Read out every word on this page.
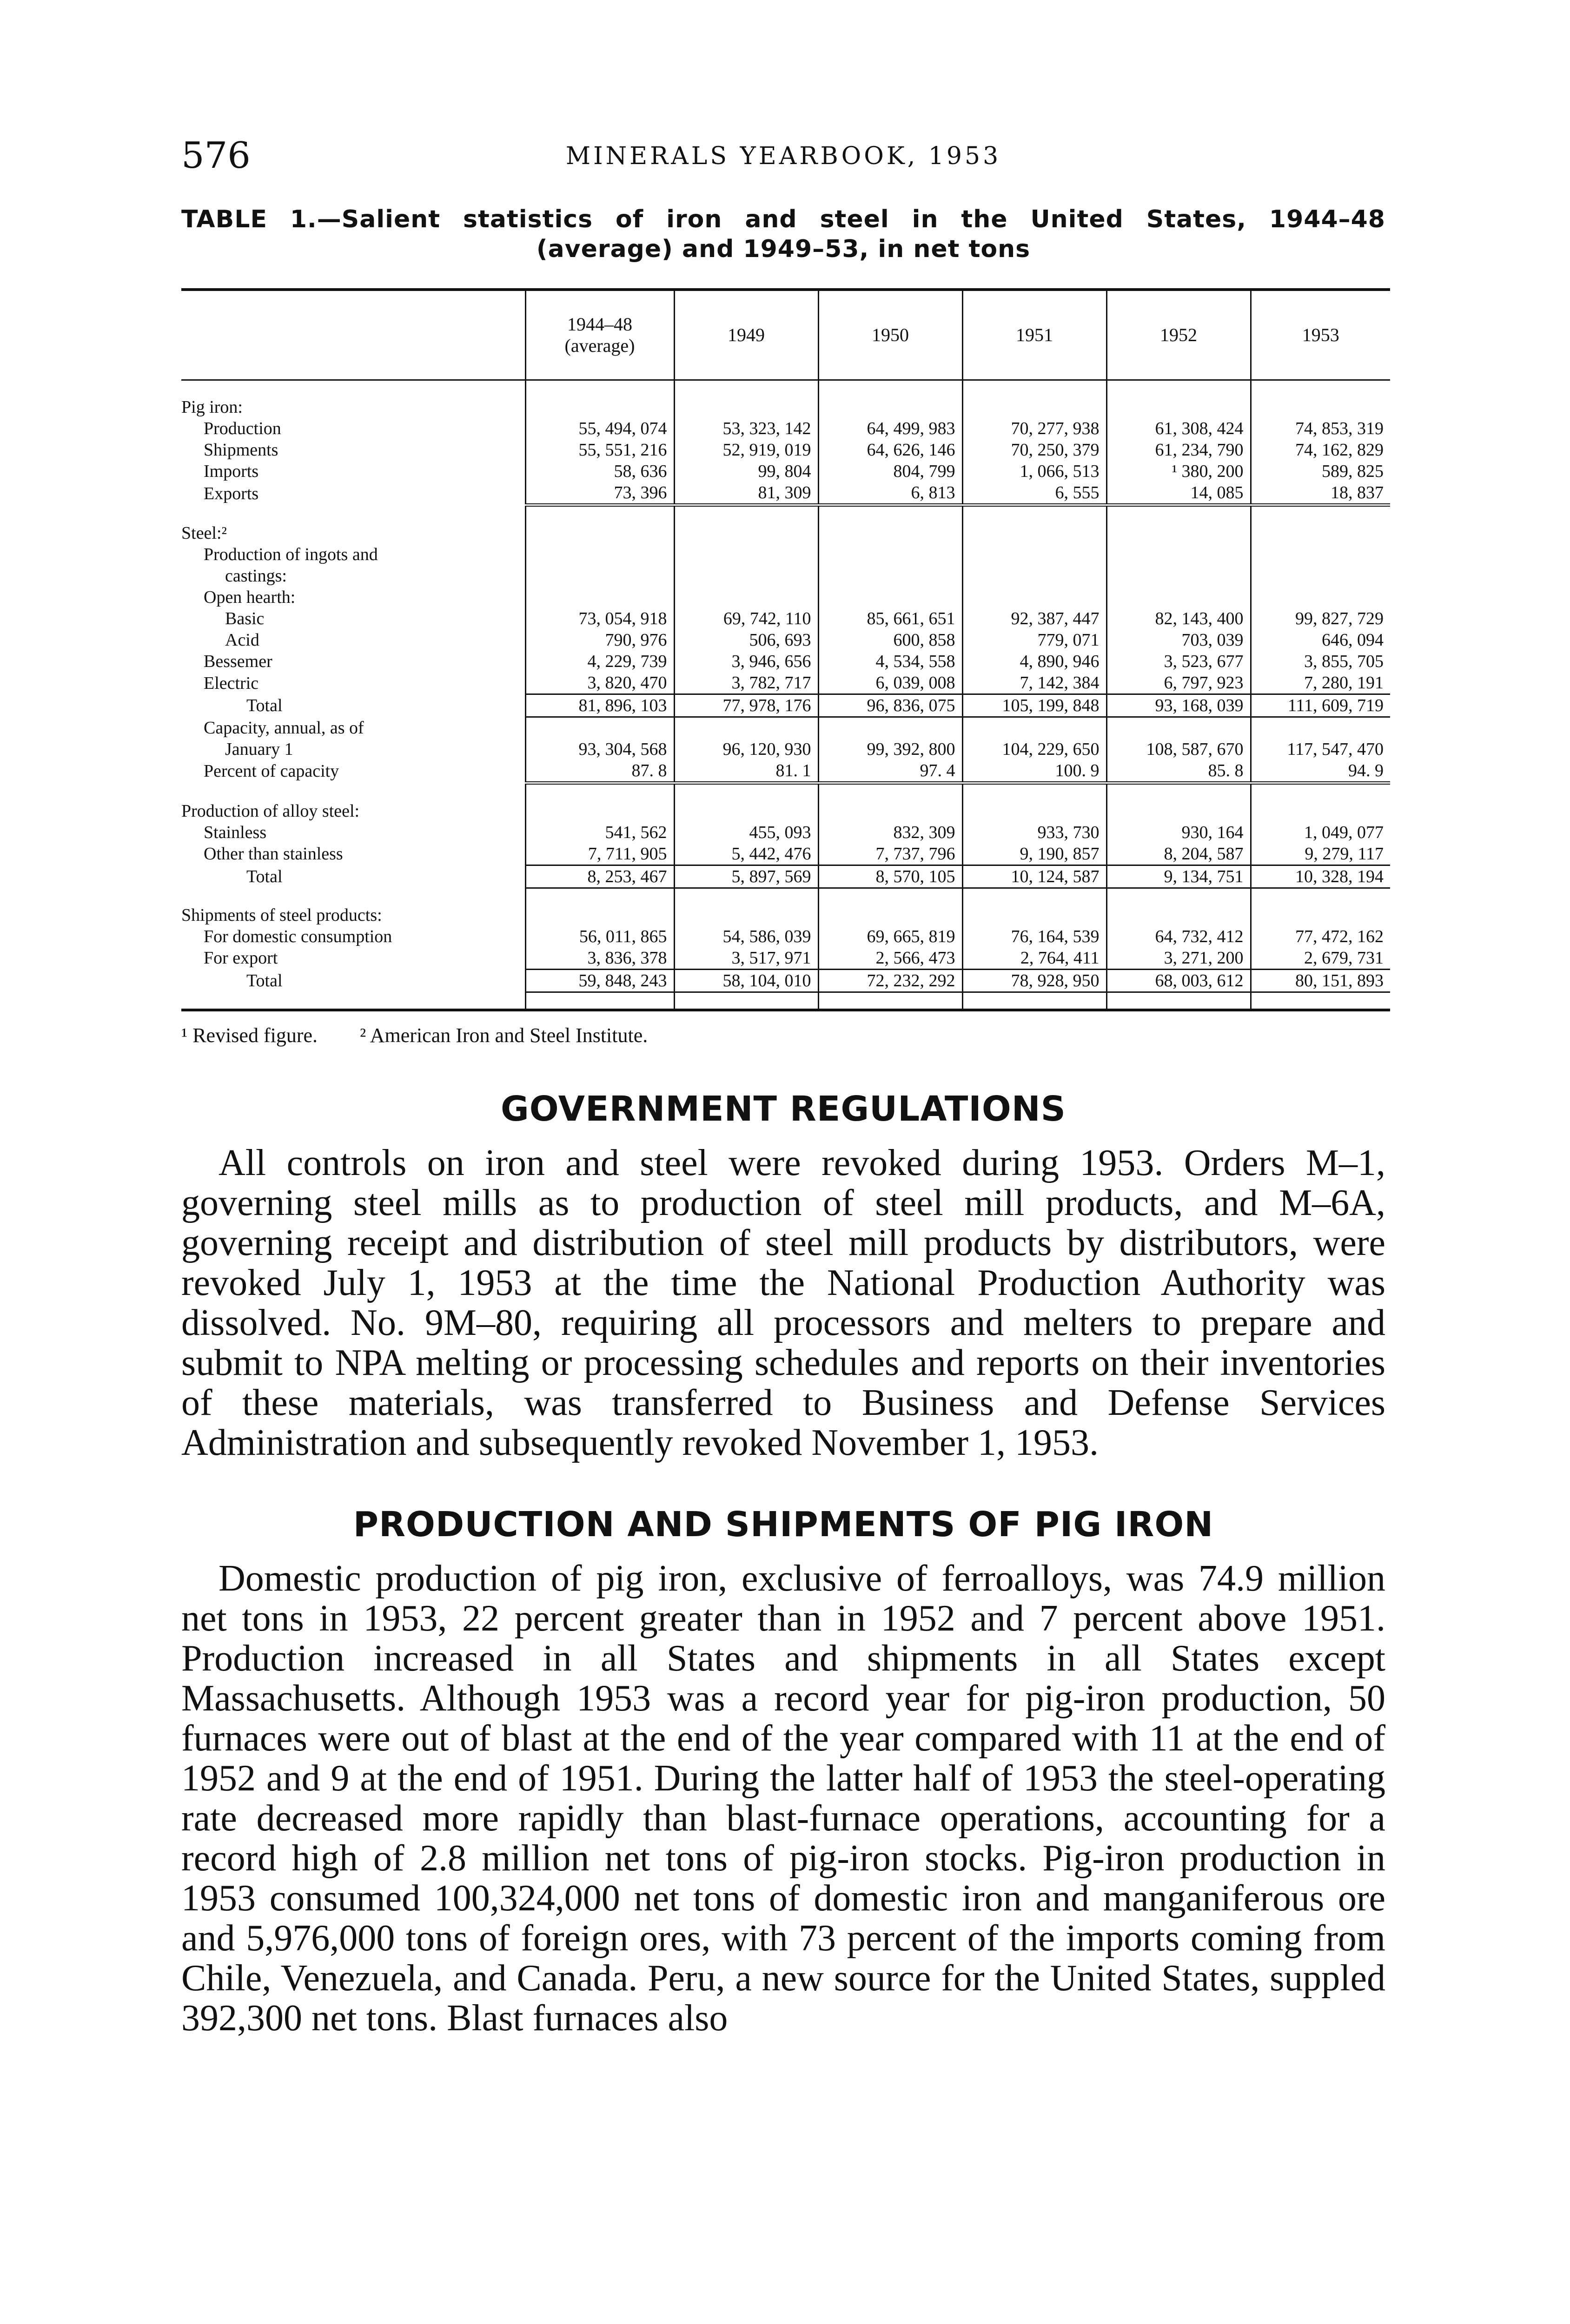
576	MINERALS YEARBOOK, 1953
TABLE 1.—Salient statistics of iron and steel in the United States, 1944–48
(average) and 1949–53, in net tons
	1944–48 (average)	1949	1950	1951	1952	1953

Pig iron:						
Production	55, 494, 074	53, 323, 142	64, 499, 983	70, 277, 938	61, 308, 424	74, 853, 319
Shipments	55, 551, 216	52, 919, 019	64, 626, 146	70, 250, 379	61, 234, 790	74, 162, 829
Imports	58, 636	99, 804	804, 799	1, 066, 513	¹ 380, 200	589, 825
Exports	73, 396	81, 309	6, 813	6, 555	14, 085	18, 837

Steel:²						
Production of ingots and						
castings:						
Open hearth:						
Basic	73, 054, 918	69, 742, 110	85, 661, 651	92, 387, 447	82, 143, 400	99, 827, 729
Acid	790, 976	506, 693	600, 858	779, 071	703, 039	646, 094
Bessemer	4, 229, 739	3, 946, 656	4, 534, 558	4, 890, 946	3, 523, 677	3, 855, 705
Electric	3, 820, 470	3, 782, 717	6, 039, 008	7, 142, 384	6, 797, 923	7, 280, 191
Total	81, 896, 103	77, 978, 176	96, 836, 075	105, 199, 848	93, 168, 039	111, 609, 719
Capacity, annual, as of						
January 1	93, 304, 568	96, 120, 930	99, 392, 800	104, 229, 650	108, 587, 670	117, 547, 470
Percent of capacity	87. 8	81. 1	97. 4	100. 9	85. 8	94. 9

Production of alloy steel:						
Stainless	541, 562	455, 093	832, 309	933, 730	930, 164	1, 049, 077
Other than stainless	7, 711, 905	5, 442, 476	7, 737, 796	9, 190, 857	8, 204, 587	9, 279, 117
Total	8, 253, 467	5, 897, 569	8, 570, 105	10, 124, 587	9, 134, 751	10, 328, 194

Shipments of steel products:						
For domestic consumption	56, 011, 865	54, 586, 039	69, 665, 819	76, 164, 539	64, 732, 412	77, 472, 162
For export	3, 836, 378	3, 517, 971	2, 566, 473	2, 764, 411	3, 271, 200	2, 679, 731
Total	59, 848, 243	58, 104, 010	72, 232, 292	78, 928, 950	68, 003, 612	80, 151, 893

¹ Revised figure. ² American Iron and Steel Institute.
GOVERNMENT REGULATIONS

All controls on iron and steel were revoked during 1953. Orders M–1, governing steel mills as to production of steel mill products, and M–6A, governing receipt and distribution of steel mill products by distributors, were revoked July 1, 1953 at the time the National Production Authority was dissolved. No. 9M–80, requiring all processors and melters to prepare and submit to NPA melting or processing schedules and reports on their inventories of these materials, was transferred to Business and Defense Services Administration and subsequently revoked November 1, 1953.

PRODUCTION AND SHIPMENTS OF PIG IRON

Domestic production of pig iron, exclusive of ferroalloys, was 74.9 million net tons in 1953, 22 percent greater than in 1952 and 7 percent above 1951. Production increased in all States and shipments in all States except Massachusetts. Although 1953 was a record year for pig-iron production, 50 furnaces were out of blast at the end of the year compared with 11 at the end of 1952 and 9 at the end of 1951. During the latter half of 1953 the steel-operating rate decreased more rapidly than blast-furnace operations, accounting for a record high of 2.8 million net tons of pig-iron stocks. Pig-iron production in 1953 consumed 100,324,000 net tons of domestic iron and manganiferous ore and 5,976,000 tons of foreign ores, with 73 percent of the imports coming from Chile, Venezuela, and Canada. Peru, a new source for the United States, suppled 392,300 net tons. Blast furnaces also
